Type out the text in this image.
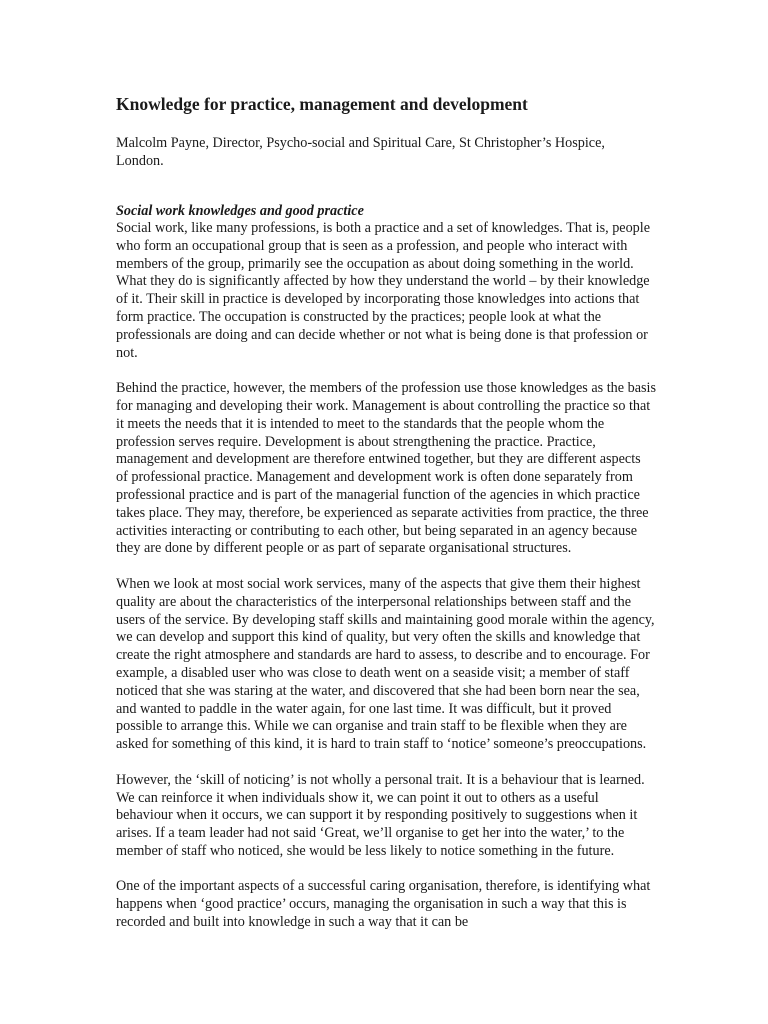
Knowledge for practice, management and development

Malcolm Payne, Director, Psycho-social and Spiritual Care, St Christopher’s Hospice, London.

Social work knowledges and good practice

Social work, like many professions, is both a practice and a set of knowledges. That is, people who form an occupational group that is seen as a profession, and people who interact with members of the group, primarily see the occupation as about doing something in the world. What they do is significantly affected by how they understand the world – by their knowledge of it. Their skill in practice is developed by incorporating those knowledges into actions that form practice. The occupation is constructed by the practices; people look at what the professionals are doing and can decide whether or not what is being done is that profession or not.

Behind the practice, however, the members of the profession use those knowledges as the basis for managing and developing their work. Management is about controlling the practice so that it meets the needs that it is intended to meet to the standards that the people whom the profession serves require. Development is about strengthening the practice. Practice, management and development are therefore entwined together, but they are different aspects of professional practice. Management and development work is often done separately from professional practice and is part of the managerial function of the agencies in which practice takes place. They may, therefore, be experienced as separate activities from practice, the three activities interacting or contributing to each other, but being separated in an agency because they are done by different people or as part of separate organisational structures.

When we look at most social work services, many of the aspects that give them their highest quality are about the characteristics of the interpersonal relationships between staff and the users of the service. By developing staff skills and maintaining good morale within the agency, we can develop and support this kind of quality, but very often the skills and knowledge that create the right atmosphere and standards are hard to assess, to describe and to encourage. For example, a disabled user who was close to death went on a seaside visit; a member of staff noticed that she was staring at the water, and discovered that she had been born near the sea, and wanted to paddle in the water again, for one last time. It was difficult, but it proved possible to arrange this. While we can organise and train staff to be flexible when they are asked for something of this kind, it is hard to train staff to ‘notice’ someone’s preoccupations.

However, the ‘skill of noticing’ is not wholly a personal trait. It is a behaviour that is learned. We can reinforce it when individuals show it, we can point it out to others as a useful behaviour when it occurs, we can support it by responding positively to suggestions when it arises. If a team leader had not said ‘Great, we’ll organise to get her into the water,’ to the member of staff who noticed, she would be less likely to notice something in the future.

One of the important aspects of a successful caring organisation, therefore, is identifying what happens when ‘good practice’ occurs, managing the organisation in such a way that this is recorded and built into knowledge in such a way that it can be
